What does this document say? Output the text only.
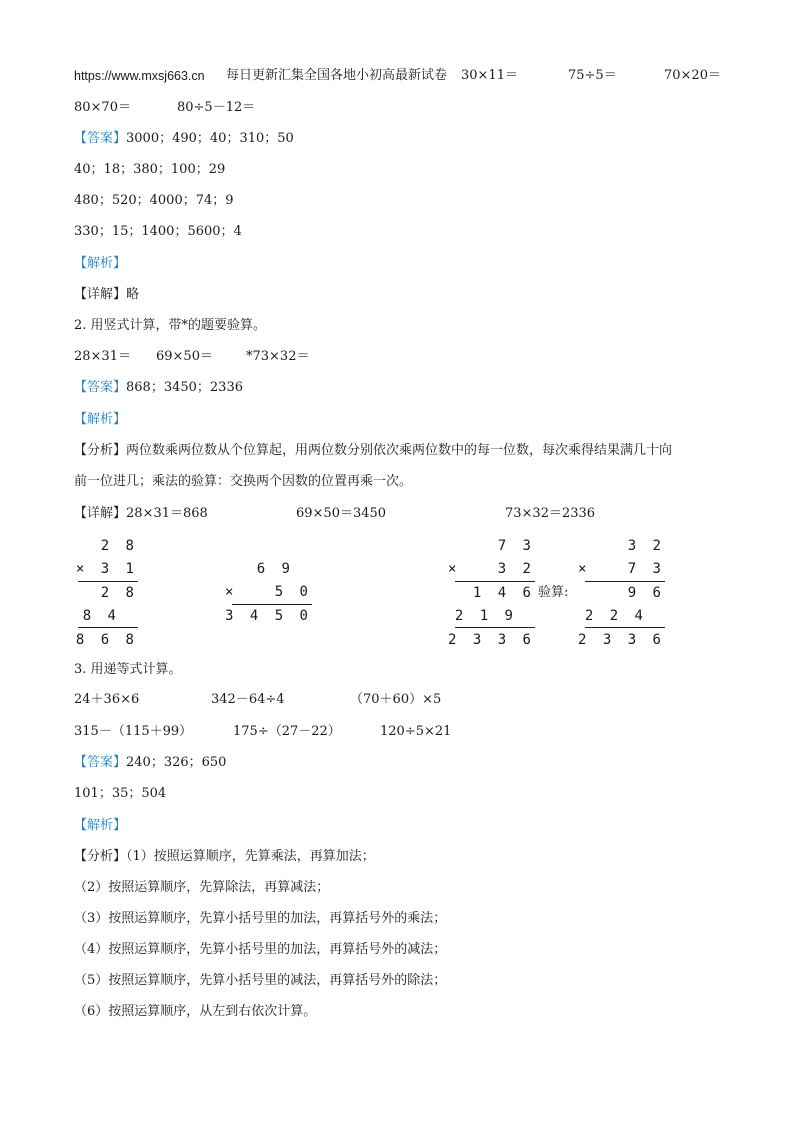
https://www.mxsj663.cn 每日更新汇集全国各地小初高最新试卷 30×11＝	75÷5＝	70×20＝
80×70＝	80÷5－12＝
【答案】3000；490；40；310；50
40；18；380；100；29
480；520；4000；74；9
330；15；1400；5600；4
【解析】
【详解】略
2. 用竖式计算，带*的题要验算。
28×31＝ 69×50＝	*73×32＝
【答案】868；3450；2336
【解析】
【分析】两位数乘两位数从个位算起，用两位数分别依次乘两位数中的每一位数，每次乘得结果满几十向
前一位进几；乘法的验算：交换两个因数的位置再乘一次。
【详解】28×31＝868	69×50＝3450	73×32＝2336
2 8
× 3 1
2 8
8 4
8 6 8
6 9
×   5 0
3 4 5 0
7 3
×   3 2
1 4 6
2 1 9
2 3 3 6
验算:
3 2
×   7 3
9 6
2 2 4
2 3 3 6
3. 用递等式计算。
24＋36×6	342－64÷4	（70＋60）×5
315－（115＋99）	175÷（27－22）	120÷5×21
【答案】240；326；650
101；35；504
【解析】
【分析】（1）按照运算顺序，先算乘法，再算加法；
（2）按照运算顺序，先算除法，再算减法；
（3）按照运算顺序，先算小括号里的加法，再算括号外的乘法；
（4）按照运算顺序，先算小括号里的加法，再算括号外的减法；
（5）按照运算顺序，先算小括号里的减法，再算括号外的除法；
（6）按照运算顺序，从左到右依次计算。
